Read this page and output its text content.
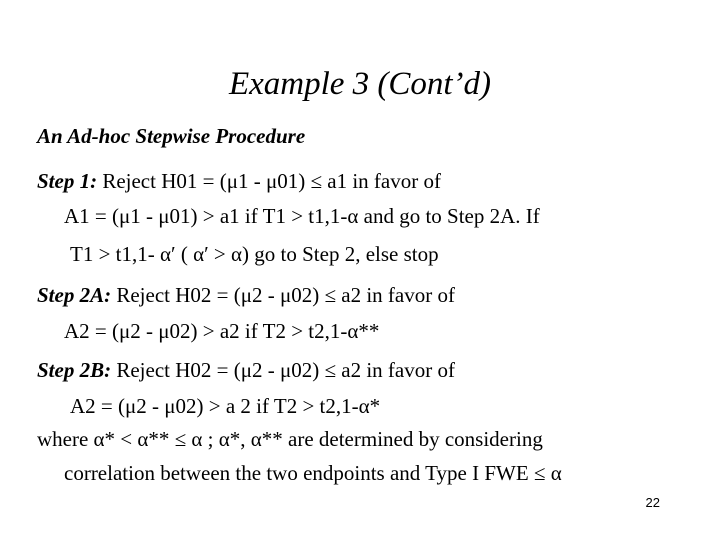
Example 3 (Cont’d)
An Ad-hoc Stepwise Procedure
Step 1: Reject H01 = (μ1 - μ01) ≤ a1 in favor of
A1 = (μ1 - μ01) > a1 if T1 > t1,1-α and go to Step 2A. If
T1 > t1,1- α′ ( α′ > α) go to Step 2, else stop
Step 2A: Reject H02 = (μ2 - μ02) ≤ a2 in favor of
A2 = (μ2 - μ02) > a2 if T2 > t2,1-α**
Step 2B: Reject H02 = (μ2 - μ02) ≤ a2 in favor of
A2 = (μ2 - μ02) > a 2 if T2 > t2,1-α*
where α* < α** ≤ α ; α*, α** are determined by considering
correlation between the two endpoints and Type I FWE ≤ α
22
